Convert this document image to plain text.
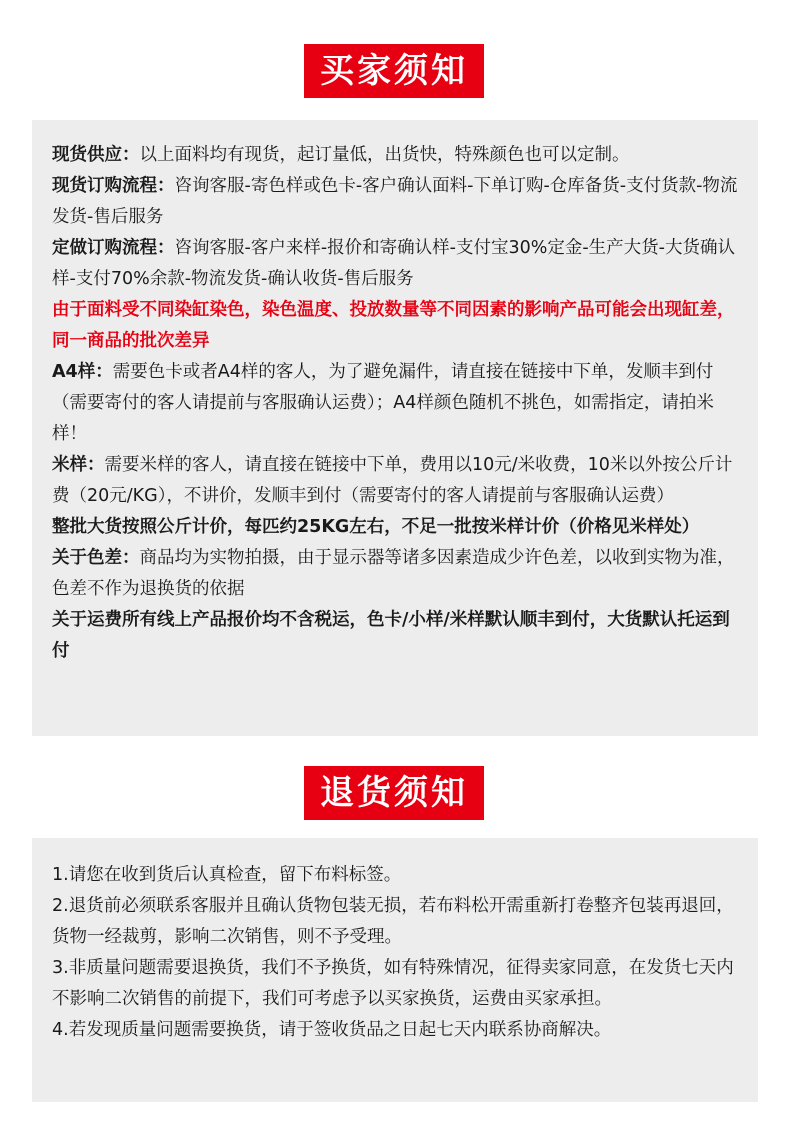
买家须知

现货供应：以上面料均有现货，起订量低，出货快，特殊颜色也可以定制。

现货订购流程：咨询客服-寄色样或色卡-客户确认面料-下单订购-仓库备货-支付货款-物流发货-售后服务

定做订购流程：咨询客服-客户来样-报价和寄确认样-支付宝30%定金-生产大货-大货确认样-支付70%余款-物流发货-确认收货-售后服务

由于面料受不同染缸染色，染色温度、投放数量等不同因素的影响产品可能会出现缸差，同一商品的批次差异

A4样：需要色卡或者A4样的客人，为了避免漏件，请直接在链接中下单，发顺丰到付（需要寄付的客人请提前与客服确认运费）；A4样颜色随机不挑色，如需指定，请拍米样！

米样：需要米样的客人，请直接在链接中下单，费用以10元/米收费，10米以外按公斤计费（20元/KG），不讲价，发顺丰到付（需要寄付的客人请提前与客服确认运费）

整批大货按照公斤计价，每匹约25KG左右，不足一批按米样计价（价格见米样处）

关于色差：商品均为实物拍摄，由于显示器等诸多因素造成少许色差，以收到实物为准，色差不作为退换货的依据

关于运费所有线上产品报价均不含税运，色卡/小样/米样默认顺丰到付，大货默认托运到付

退货须知

1.请您在收到货后认真检查，留下布料标签。

2.退货前必须联系客服并且确认货物包装无损，若布料松开需重新打卷整齐包装再退回，货物一经裁剪，影响二次销售，则不予受理。

3.非质量问题需要退换货，我们不予换货，如有特殊情况，征得卖家同意，在发货七天内不影响二次销售的前提下，我们可考虑予以买家换货，运费由买家承担。

4.若发现质量问题需要换货，请于签收货品之日起七天内联系协商解决。
